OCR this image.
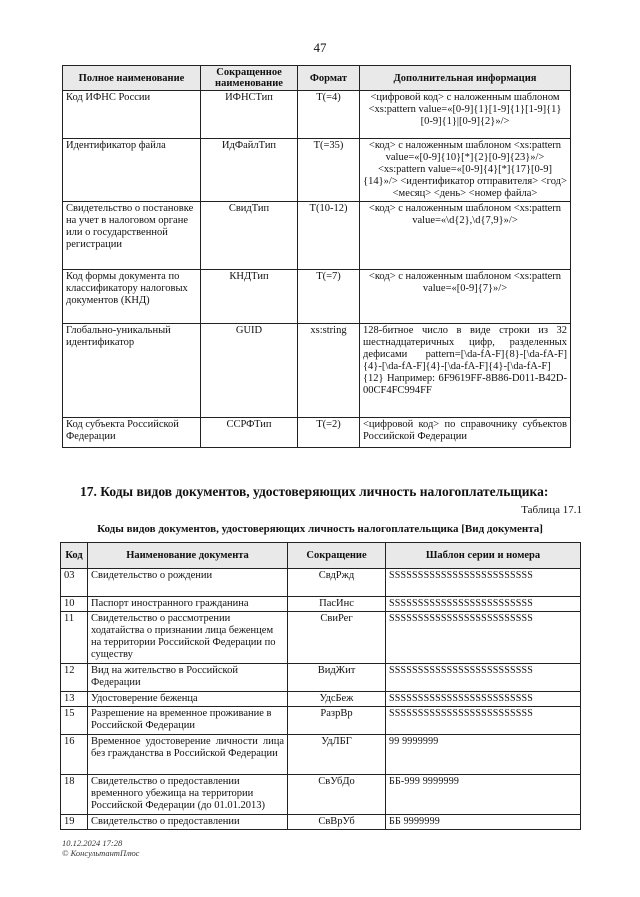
47
Полное наименование	Сокращенное наименование	Формат	Дополнительная информация
Код ИФНС России	ИФНСТип	T(=4)	<цифровой код> с наложенным шаблоном <xs:pattern value=«[0-9]{1}[1-9]{1}[1-9]{1}[0-9]{1}|[0-9]{2}»/>
Идентификатор файла	ИдФайлТип	T(=35)	<код> с наложенным шаблоном <xs:pattern value=«[0-9]{10}[*]{2}[0-9]{23}»/> <xs:pattern value=«[0-9]{4}[*]{17}[0-9]{14}»/> <идентификатор отправителя> <год> <месяц> <день> <номер файла>
Свидетельство о постановке на учет в налоговом органе или о государственной регистрации	СвидТип	T(10-12)	<код> с наложенным шаблоном <xs:pattern value=«\d{2},\d{7,9}»/>
Код формы документа по классификатору налоговых документов (КНД)	КНДТип	T(=7)	<код> с наложенным шаблоном <xs:pattern value=«[0-9]{7}»/>
Глобально-уникальный идентификатор	GUID	xs:string	128-битное число в виде строки из 32 шестнадцатеричных цифр, разделенных дефисами pattern=[\da-fA-F]{8}-[\da-fA-F]{4}-[\da-fA-F]{4}-[\da-fA-F]{4}-[\da-fA-F]{12} Например: 6F9619FF-8B86-D011-B42D-00CF4FC994FF
Код субъекта Российской Федерации	ССРФТип	T(=2)	<цифровой код> по справочнику субъектов Российской Федерации
17. Коды видов документов, удостоверяющих личность налогоплательщика:
Таблица 17.1
Коды видов документов, удостоверяющих личность налогоплательщика [Вид документа]
Код	Наименование документа	Сокращение	Шаблон серии и номера
03	Свидетельство о рождении	СвдРжд	SSSSSSSSSSSSSSSSSSSSSSSSS
10	Паспорт иностранного гражданина	ПасИнс	SSSSSSSSSSSSSSSSSSSSSSSSS
11	Свидетельство о рассмотрении ходатайства о признании лица беженцем на территории Российской Федерации по существу	СвиРег	SSSSSSSSSSSSSSSSSSSSSSSSS
12	Вид на жительство в Российской Федерации	ВидЖит	SSSSSSSSSSSSSSSSSSSSSSSSS
13	Удостоверение беженца	УдсБеж	SSSSSSSSSSSSSSSSSSSSSSSSS
15	Разрешение на временное проживание в Российской Федерации	РазрВр	SSSSSSSSSSSSSSSSSSSSSSSSS
16	Временное удостоверение личности лица без гражданства в Российской Федерации	УдЛБГ	99 9999999
18	Свидетельство о предоставлении временного убежища на территории Российской Федерации (до 01.01.2013)	СвУбДо	ББ-999 9999999
19	Свидетельство о предоставлении	СвВрУб	ББ 9999999
10.12.2024 17:28
© КонсультантПлюс
